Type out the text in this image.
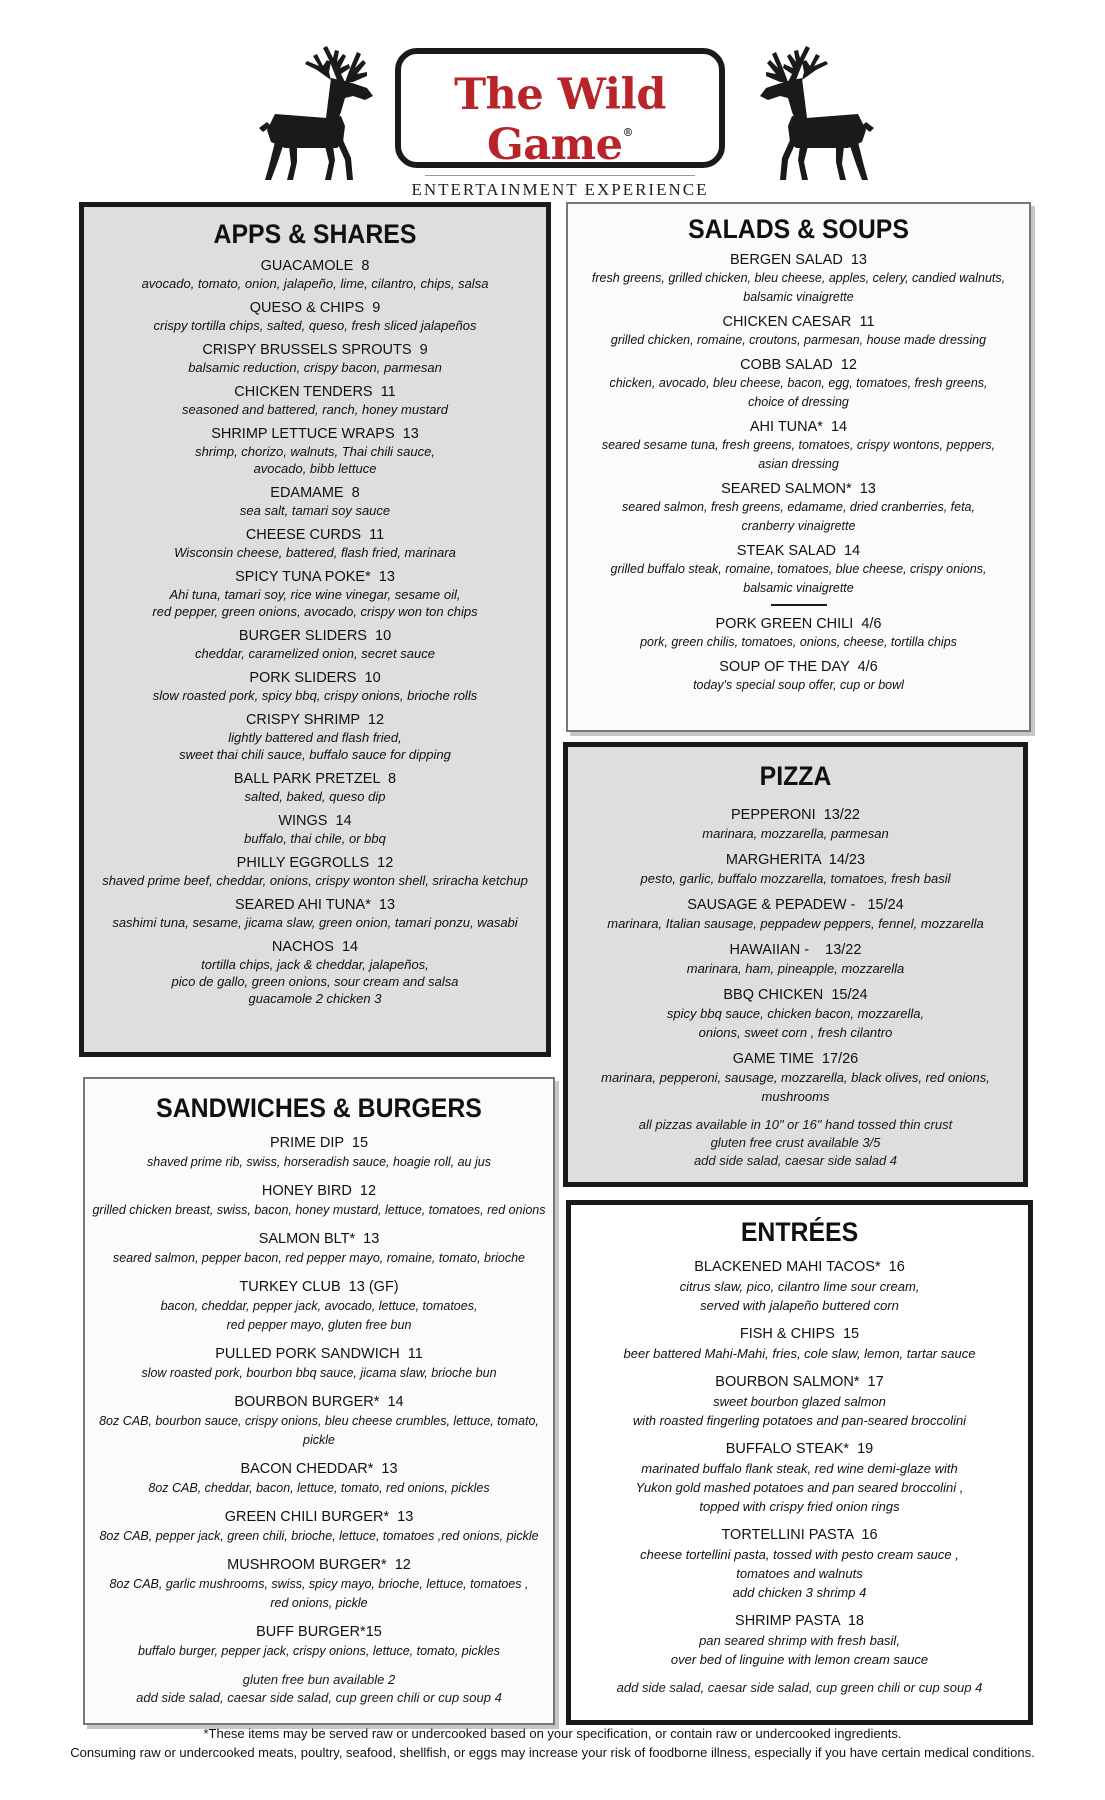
The Wild Game®
ENTERTAINMENT EXPERIENCE
APPS & SHARES
GUACAMOLE  8
avocado, tomato, onion, jalapeño, lime, cilantro, chips, salsa
QUESO & CHIPS  9
crispy tortilla chips, salted, queso, fresh sliced jalapeños
CRISPY BRUSSELS SPROUTS  9
balsamic reduction, crispy bacon, parmesan
CHICKEN TENDERS  11
seasoned and battered, ranch, honey mustard
SHRIMP LETTUCE WRAPS  13
shrimp, chorizo, walnuts, Thai chili sauce,
avocado, bibb lettuce
EDAMAME  8
sea salt, tamari soy sauce
CHEESE CURDS  11
Wisconsin cheese, battered, flash fried, marinara
SPICY TUNA POKE*  13
Ahi tuna, tamari soy, rice wine vinegar, sesame oil,
red pepper, green onions, avocado, crispy won ton chips
BURGER SLIDERS  10
cheddar, caramelized onion, secret sauce
PORK SLIDERS  10
slow roasted pork, spicy bbq, crispy onions, brioche rolls
CRISPY SHRIMP  12
lightly battered and flash fried,
sweet thai chili sauce, buffalo sauce for dipping
BALL PARK PRETZEL  8
salted, baked, queso dip
WINGS  14
buffalo, thai chile, or bbq
PHILLY EGGROLLS  12
shaved prime beef, cheddar, onions, crispy wonton shell, sriracha ketchup
SEARED AHI TUNA*  13
sashimi tuna, sesame, jicama slaw, green onion, tamari ponzu, wasabi
NACHOS  14
tortilla chips, jack & cheddar, jalapeños,
pico de gallo, green onions, sour cream and salsa
guacamole 2 chicken 3
SALADS & SOUPS
BERGEN SALAD  13
fresh greens, grilled chicken, bleu cheese, apples, celery, candied walnuts,
balsamic vinaigrette
CHICKEN CAESAR  11
grilled chicken, romaine, croutons, parmesan, house made dressing
COBB SALAD  12
chicken, avocado, bleu cheese, bacon, egg, tomatoes, fresh greens,
choice of dressing
AHI TUNA*  14
seared sesame tuna, fresh greens, tomatoes, crispy wontons, peppers,
asian dressing
SEARED SALMON*  13
seared salmon, fresh greens, edamame, dried cranberries, feta,
cranberry vinaigrette
STEAK SALAD  14
grilled buffalo steak, romaine, tomatoes, blue cheese, crispy onions,
balsamic vinaigrette
PORK GREEN CHILI  4/6
pork, green chilis, tomatoes, onions, cheese, tortilla chips
SOUP OF THE DAY  4/6
today's special soup offer, cup or bowl
PIZZA
PEPPERONI  13/22
marinara, mozzarella, parmesan
MARGHERITA  14/23
pesto, garlic, buffalo mozzarella, tomatoes, fresh basil
SAUSAGE & PEPADEW -   15/24
marinara, Italian sausage, peppadew peppers, fennel, mozzarella
HAWAIIAN -    13/22
marinara, ham, pineapple, mozzarella
BBQ CHICKEN  15/24
spicy bbq sauce, chicken bacon, mozzarella,
onions, sweet corn , fresh cilantro
GAME TIME  17/26
marinara, pepperoni, sausage, mozzarella, black olives, red onions, mushrooms
all pizzas available in 10" or 16" hand tossed thin crust
gluten free crust available 3/5
add side salad, caesar side salad 4
SANDWICHES & BURGERS
PRIME DIP  15
shaved prime rib, swiss, horseradish sauce, hoagie roll, au jus
HONEY BIRD  12
grilled chicken breast, swiss, bacon, honey mustard, lettuce, tomatoes, red onions
SALMON BLT*  13
seared salmon, pepper bacon, red pepper mayo, romaine, tomato, brioche
TURKEY CLUB  13 (GF)
bacon, cheddar, pepper jack, avocado, lettuce, tomatoes,
red pepper mayo, gluten free bun
PULLED PORK SANDWICH  11
slow roasted pork, bourbon bbq sauce, jicama slaw, brioche bun
BOURBON BURGER*  14
8oz CAB, bourbon sauce, crispy onions, bleu cheese crumbles, lettuce, tomato, pickle
BACON CHEDDAR*  13
8oz CAB, cheddar, bacon, lettuce, tomato, red onions, pickles
GREEN CHILI BURGER*  13
8oz CAB, pepper jack, green chili, brioche, lettuce, tomatoes ,red onions, pickle
MUSHROOM BURGER*  12
8oz CAB, garlic mushrooms, swiss, spicy mayo, brioche, lettuce, tomatoes ,
red onions, pickle
BUFF BURGER*15
buffalo burger, pepper jack, crispy onions, lettuce, tomato, pickles
gluten free bun available 2
add side salad, caesar side salad, cup green chili or cup soup 4
ENTRÉES
BLACKENED MAHI TACOS*  16
citrus slaw, pico, cilantro lime sour cream,
served with jalapeño buttered corn
FISH & CHIPS  15
beer battered Mahi-Mahi, fries, cole slaw, lemon, tartar sauce
BOURBON SALMON*  17
sweet bourbon glazed salmon
with roasted fingerling potatoes and pan-seared broccolini
BUFFALO STEAK*  19
marinated buffalo flank steak, red wine demi-glaze with
Yukon gold mashed potatoes and pan seared broccolini ,
topped with crispy fried onion rings
TORTELLINI PASTA  16
cheese tortellini pasta, tossed with pesto cream sauce ,
tomatoes and walnuts
add chicken 3 shrimp 4
SHRIMP PASTA  18
pan seared shrimp with fresh basil,
over bed of linguine with lemon cream sauce
add side salad, caesar side salad, cup green chili or cup soup 4
*These items may be served raw or undercooked based on your specification, or contain raw or undercooked ingredients.
Consuming raw or undercooked meats, poultry, seafood, shellfish, or eggs may increase your risk of foodborne illness, especially if you have certain medical conditions.
